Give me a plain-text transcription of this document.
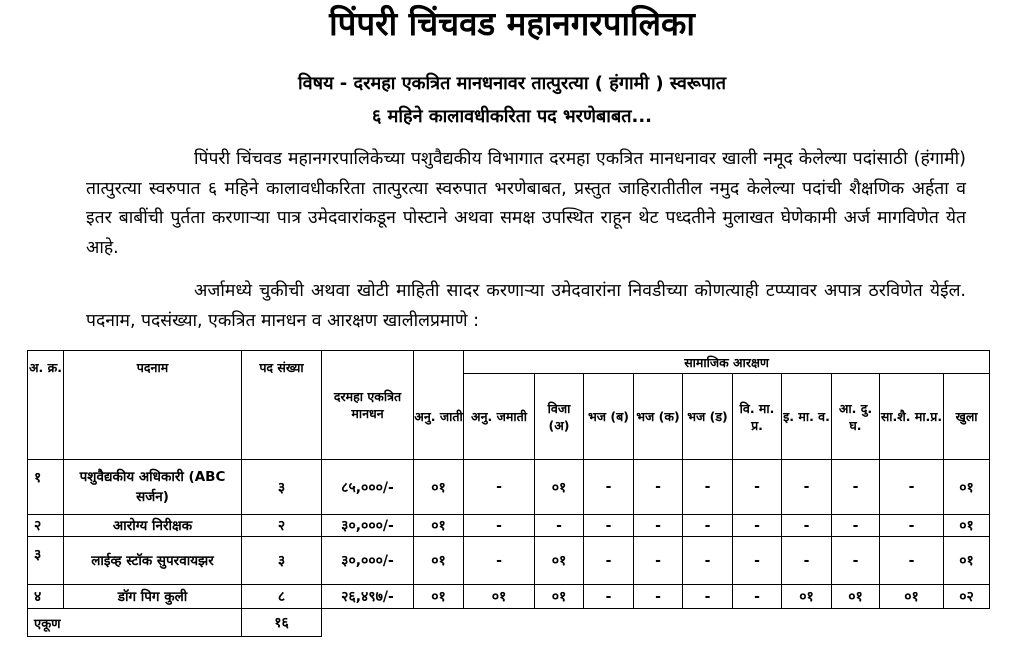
पिंपरी चिंचवड महानगरपालिका
विषय - दरमहा एकत्रित मानधनावर तात्पुरत्या ( हंगामी ) स्वरूपात
६ महिने कालावधीकरिता पद भरणेबाबत...
पिंपरी चिंचवड महानगरपालिकेच्या पशुवैद्यकीय विभागात दरमहा एकत्रित मानधनावर खाली नमूद केलेल्या पदांसाठी (हंगामी) तात्पुरत्या स्वरुपात ६ महिने कालावधीकरिता तात्पुरत्या स्वरुपात भरणेबाबत, प्रस्तुत जाहिरातीतील नमुद केलेल्या पदांची शैक्षणिक अर्हता व इतर बाबींची पुर्तता करणाऱ्या पात्र उमेदवारांकडून पोस्टाने अथवा समक्ष उपस्थित राहून थेट पध्दतीने मुलाखत घेणेकामी अर्ज मागविणेत येत आहे.
अर्जामध्ये चुकीची अथवा खोटी माहिती सादर करणाऱ्या उमेदवारांना निवडीच्या कोणत्याही टप्प्यावर अपात्र ठरविणेत येईल. पदनाम, पदसंख्या, एकत्रित मानधन व आरक्षण खालीलप्रमाणे :
अ. क्र.	पदनाम	पद संख्या	दरमहा एकत्रित मानधन		सामाजिक आरक्षण									
				अनु. जाती	अनु. जमाती	विजा (अ)	भज (ब)	भज (क)	भज (ड)	वि. मा. प्र.	इ. मा. व.	आ. दु. घ.	सा.शै. मा.प्र.	खुला
१	पशुवैद्यकीय अधिकारी (ABC सर्जन)	३	८५,०००/-	०१	-	०१	-	-	-	-	-	-	-	०१
२	आरोग्य निरीक्षक	२	३०,०००/-	०१	-	-	-	-	-	-	-	-	-	०१
३	लाईव्ह स्टॉक सुपरवायझर	३	३०,०००/-	०१	-	०१	-	-	-	-	-	-	-	०१
४	डॉग पिग कुली	८	२६,४९७/-	०१	०१	०१	-	-	-	-	०१	०१	०१	०२
एकूण		१६												
